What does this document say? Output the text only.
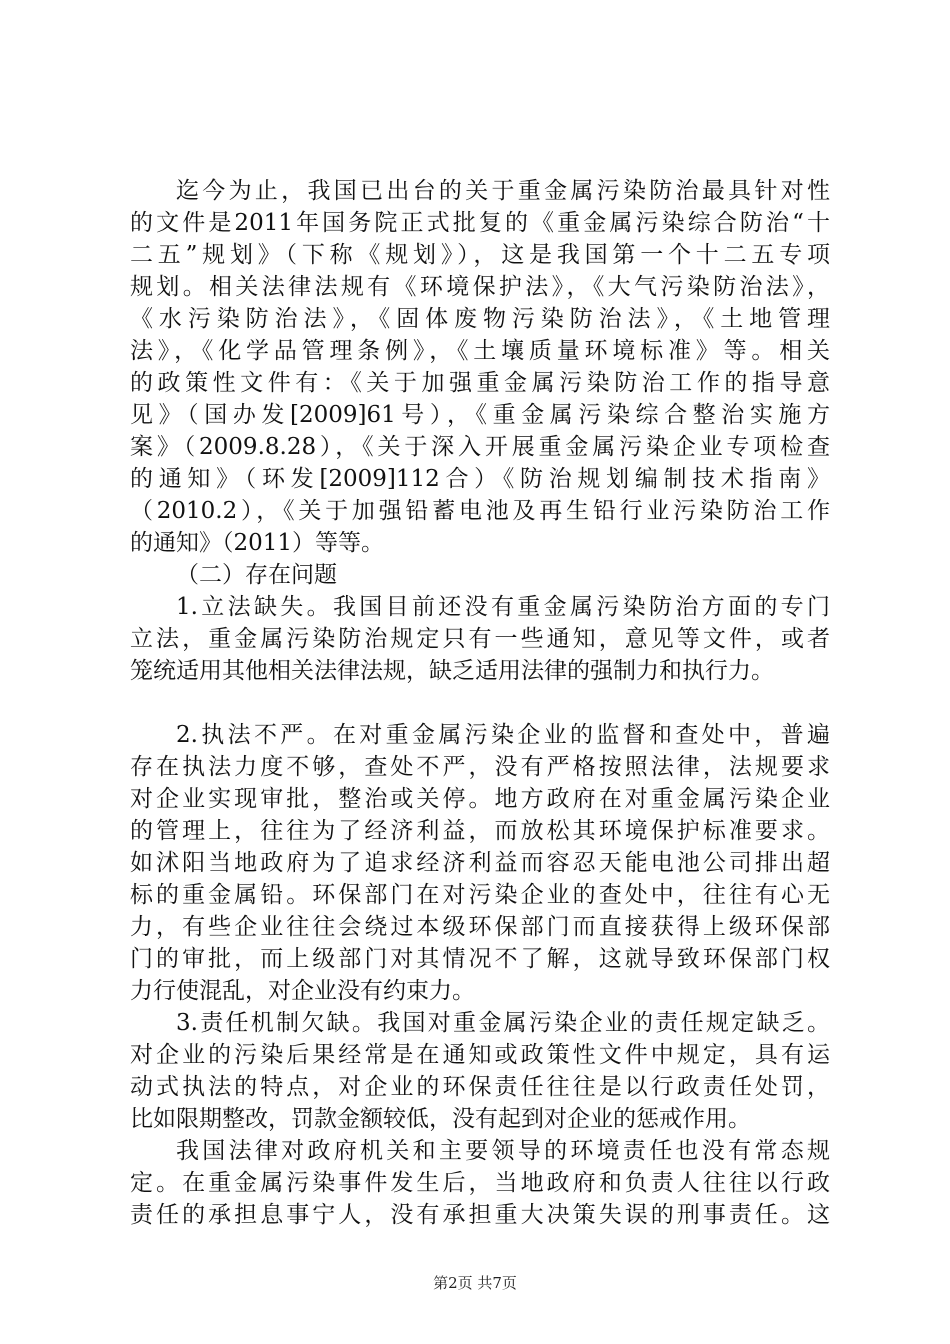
迄今为止，我国已出台的关于重金属污染防治最具针对性
的文件是2011年国务院正式批复的《重金属污染综合防治“十
二五”规划》（下称《规划》），这是我国第一个十二五专项
规划。相关法律法规有《环境保护法》，《大气污染防治法》，
《水污染防治法》，《固体废物污染防治法》，《土地管理
法》，《化学品管理条例》，《土壤质量环境标准》等。相关
的政策性文件有：《关于加强重金属污染防治工作的指导意
见》（国办发[2009]61号），《重金属污染综合整治实施方
案》（2009.8.28），《关于深入开展重金属污染企业专项检查
的通知》（环发[2009]112合）《防治规划编制技术指南》
（2010.2），《关于加强铅蓄电池及再生铅行业污染防治工作
的通知》（2011）等等。
（二）存在问题
1.立法缺失。我国目前还没有重金属污染防治方面的专门
立法，重金属污染防治规定只有一些通知，意见等文件，或者
笼统适用其他相关法律法规，缺乏适用法律的强制力和执行力。
2.执法不严。在对重金属污染企业的监督和查处中，普遍
存在执法力度不够，查处不严，没有严格按照法律，法规要求
对企业实现审批，整治或关停。地方政府在对重金属污染企业
的管理上，往往为了经济利益，而放松其环境保护标准要求。
如沭阳当地政府为了追求经济利益而容忍天能电池公司排出超
标的重金属铅。环保部门在对污染企业的查处中，往往有心无
力，有些企业往往会绕过本级环保部门而直接获得上级环保部
门的审批，而上级部门对其情况不了解，这就导致环保部门权
力行使混乱，对企业没有约束力。
3.责任机制欠缺。我国对重金属污染企业的责任规定缺乏。
对企业的污染后果经常是在通知或政策性文件中规定，具有运
动式执法的特点，对企业的环保责任往往是以行政责任处罚，
比如限期整改，罚款金额较低，没有起到对企业的惩戒作用。
我国法律对政府机关和主要领导的环境责任也没有常态规
定。在重金属污染事件发生后，当地政府和负责人往往以行政
责任的承担息事宁人，没有承担重大决策失误的刑事责任。这
第2页 共7页
